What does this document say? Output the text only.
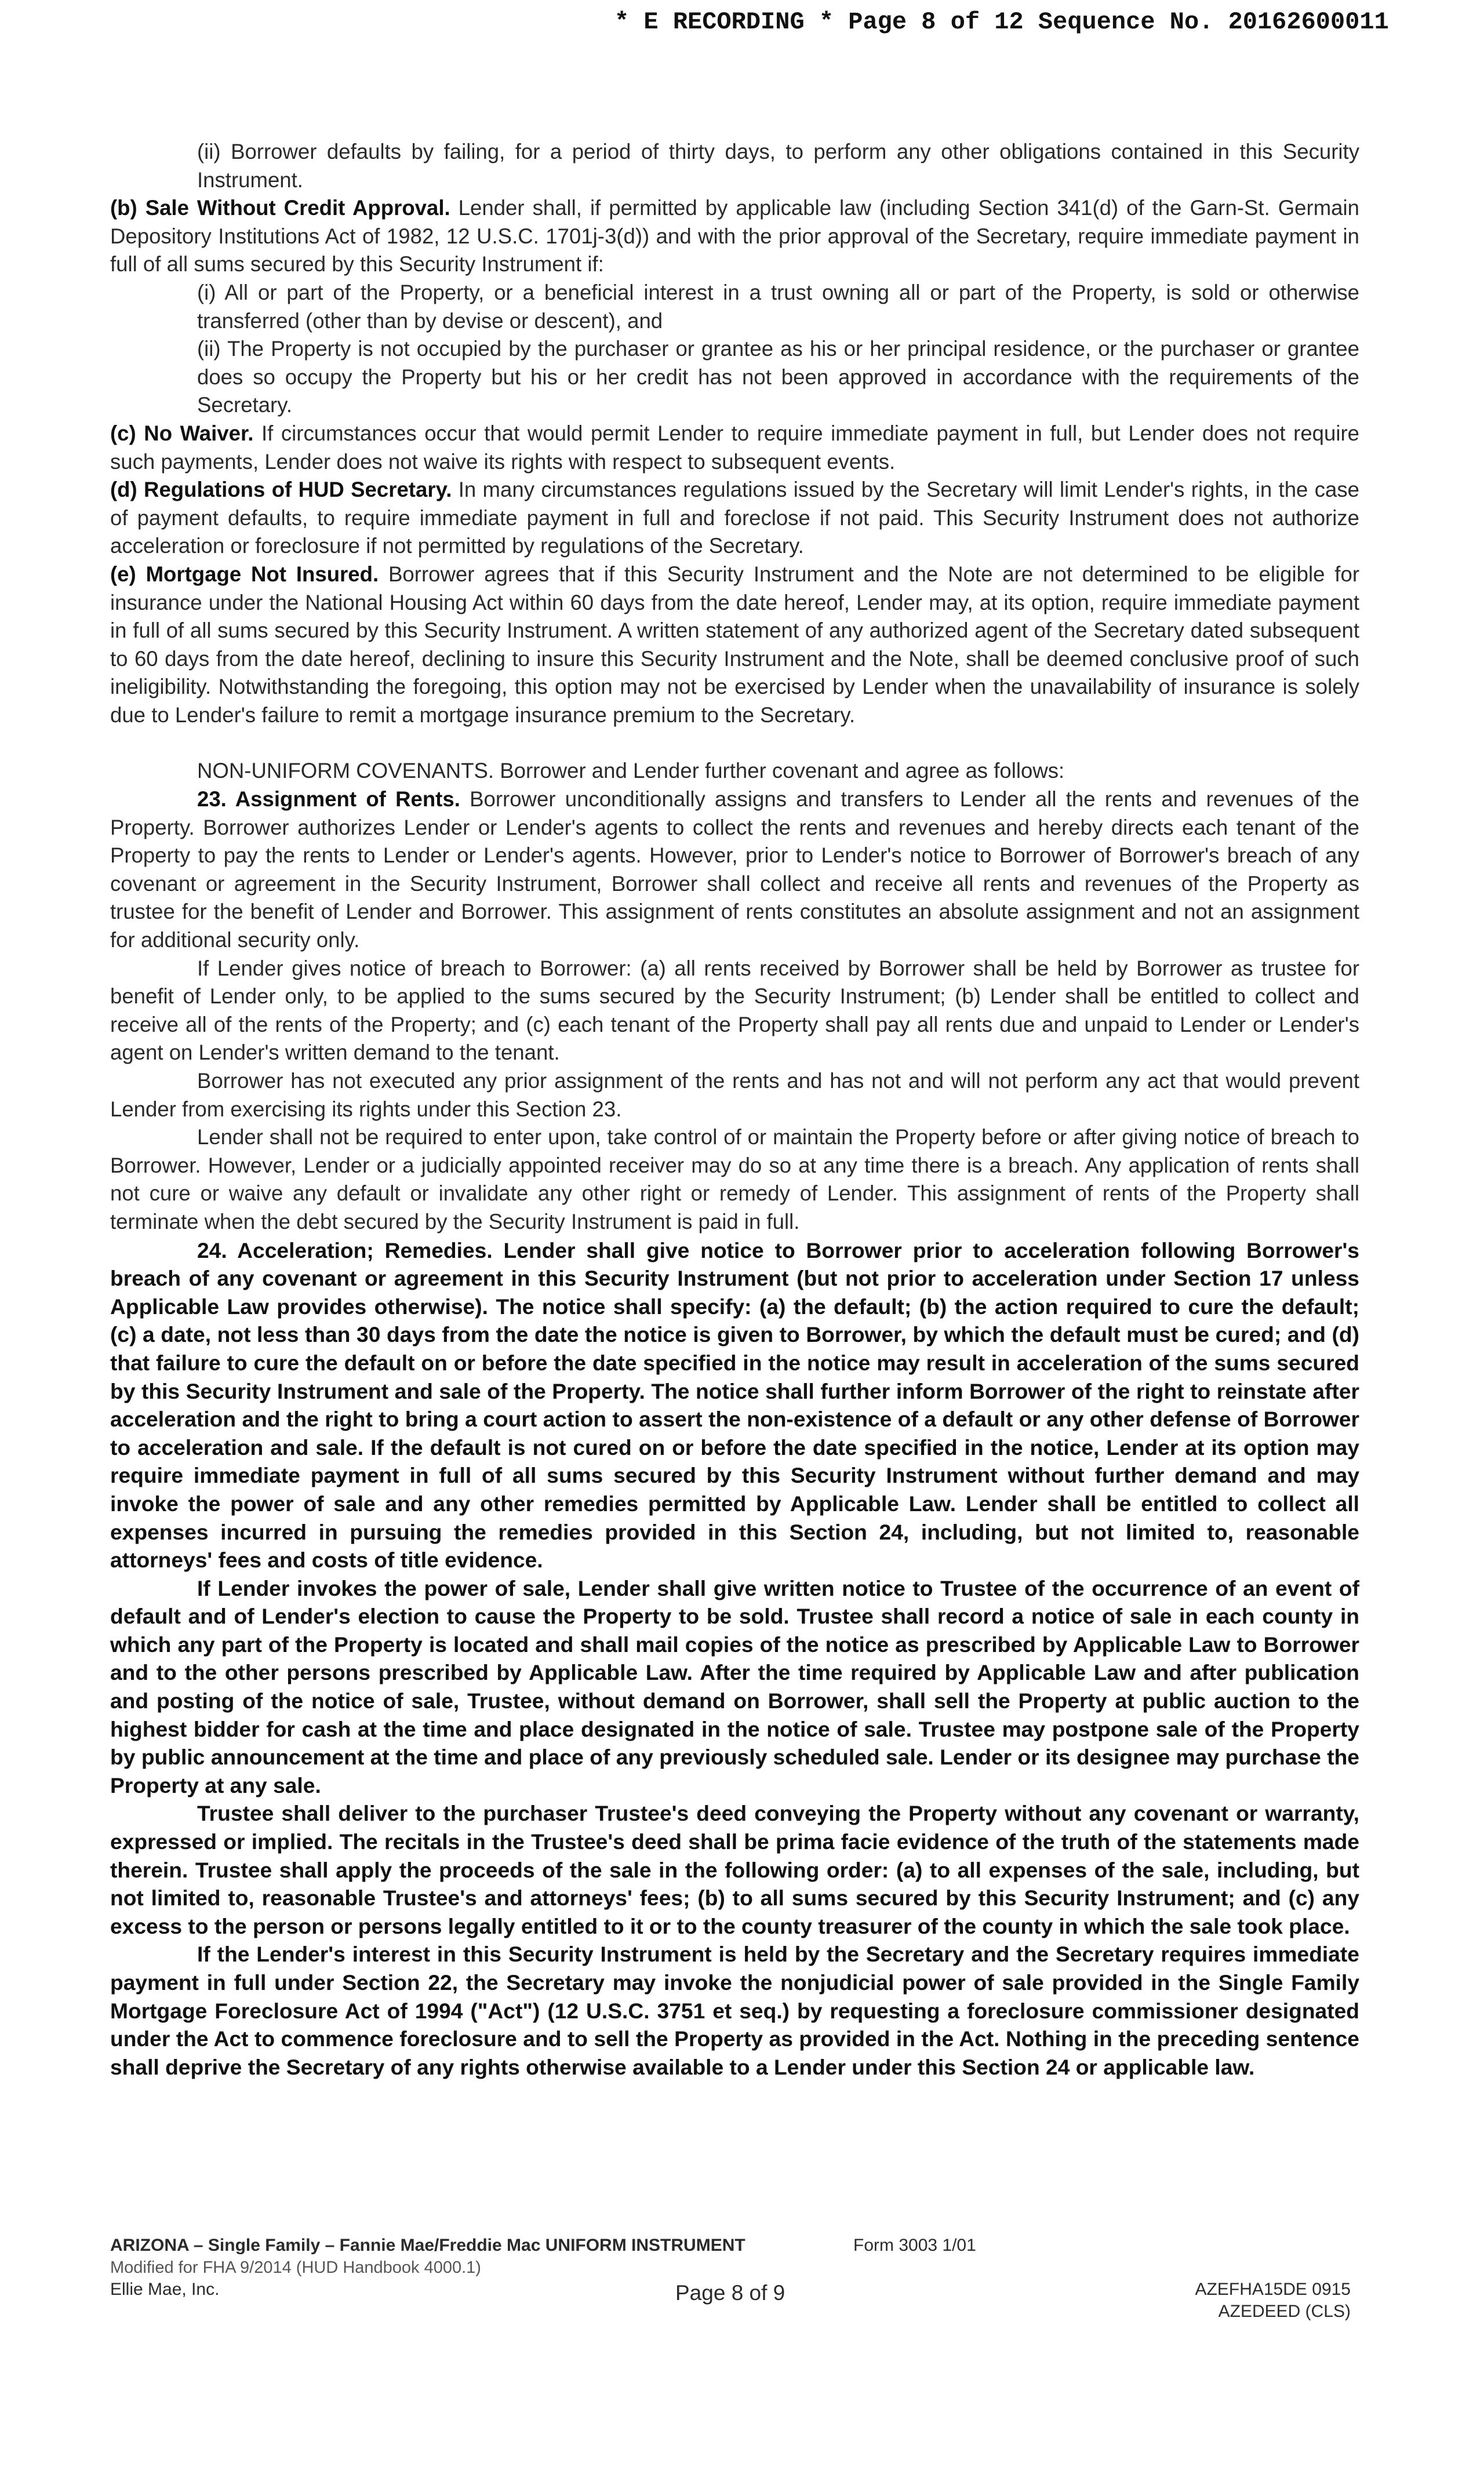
* E RECORDING * Page 8 of 12 Sequence No. 20162600011

(ii) Borrower defaults by failing, for a period of thirty days, to perform any other obligations contained in this Security Instrument.

(b) Sale Without Credit Approval. Lender shall, if permitted by applicable law (including Section 341(d) of the Garn-St. Germain Depository Institutions Act of 1982, 12 U.S.C. 1701j-3(d)) and with the prior approval of the Secretary, require immediate payment in full of all sums secured by this Security Instrument if:

(i) All or part of the Property, or a beneficial interest in a trust owning all or part of the Property, is sold or otherwise transferred (other than by devise or descent), and

(ii) The Property is not occupied by the purchaser or grantee as his or her principal residence, or the purchaser or grantee does so occupy the Property but his or her credit has not been approved in accordance with the requirements of the Secretary.

(c) No Waiver. If circumstances occur that would permit Lender to require immediate payment in full, but Lender does not require such payments, Lender does not waive its rights with respect to subsequent events.

(d) Regulations of HUD Secretary. In many circumstances regulations issued by the Secretary will limit Lender's rights, in the case of payment defaults, to require immediate payment in full and foreclose if not paid. This Security Instrument does not authorize acceleration or foreclosure if not permitted by regulations of the Secretary.

(e) Mortgage Not Insured. Borrower agrees that if this Security Instrument and the Note are not determined to be eligible for insurance under the National Housing Act within 60 days from the date hereof, Lender may, at its option, require immediate payment in full of all sums secured by this Security Instrument. A written statement of any authorized agent of the Secretary dated subsequent to 60 days from the date hereof, declining to insure this Security Instrument and the Note, shall be deemed conclusive proof of such ineligibility. Notwithstanding the foregoing, this option may not be exercised by Lender when the unavailability of insurance is solely due to Lender's failure to remit a mortgage insurance premium to the Secretary.

NON-UNIFORM COVENANTS. Borrower and Lender further covenant and agree as follows:

23. Assignment of Rents. Borrower unconditionally assigns and transfers to Lender all the rents and revenues of the Property. Borrower authorizes Lender or Lender's agents to collect the rents and revenues and hereby directs each tenant of the Property to pay the rents to Lender or Lender's agents. However, prior to Lender's notice to Borrower of Borrower's breach of any covenant or agreement in the Security Instrument, Borrower shall collect and receive all rents and revenues of the Property as trustee for the benefit of Lender and Borrower. This assignment of rents constitutes an absolute assignment and not an assignment for additional security only.

If Lender gives notice of breach to Borrower: (a) all rents received by Borrower shall be held by Borrower as trustee for benefit of Lender only, to be applied to the sums secured by the Security Instrument; (b) Lender shall be entitled to collect and receive all of the rents of the Property; and (c) each tenant of the Property shall pay all rents due and unpaid to Lender or Lender's agent on Lender's written demand to the tenant.

Borrower has not executed any prior assignment of the rents and has not and will not perform any act that would prevent Lender from exercising its rights under this Section 23.

Lender shall not be required to enter upon, take control of or maintain the Property before or after giving notice of breach to Borrower. However, Lender or a judicially appointed receiver may do so at any time there is a breach. Any application of rents shall not cure or waive any default or invalidate any other right or remedy of Lender. This assignment of rents of the Property shall terminate when the debt secured by the Security Instrument is paid in full.

24. Acceleration; Remedies. Lender shall give notice to Borrower prior to acceleration following Borrower's breach of any covenant or agreement in this Security Instrument (but not prior to acceleration under Section 17 unless Applicable Law provides otherwise). The notice shall specify: (a) the default; (b) the action required to cure the default; (c) a date, not less than 30 days from the date the notice is given to Borrower, by which the default must be cured; and (d) that failure to cure the default on or before the date specified in the notice may result in acceleration of the sums secured by this Security Instrument and sale of the Property. The notice shall further inform Borrower of the right to reinstate after acceleration and the right to bring a court action to assert the non-existence of a default or any other defense of Borrower to acceleration and sale. If the default is not cured on or before the date specified in the notice, Lender at its option may require immediate payment in full of all sums secured by this Security Instrument without further demand and may invoke the power of sale and any other remedies permitted by Applicable Law. Lender shall be entitled to collect all expenses incurred in pursuing the remedies provided in this Section 24, including, but not limited to, reasonable attorneys' fees and costs of title evidence.

If Lender invokes the power of sale, Lender shall give written notice to Trustee of the occurrence of an event of default and of Lender's election to cause the Property to be sold. Trustee shall record a notice of sale in each county in which any part of the Property is located and shall mail copies of the notice as prescribed by Applicable Law to Borrower and to the other persons prescribed by Applicable Law. After the time required by Applicable Law and after publication and posting of the notice of sale, Trustee, without demand on Borrower, shall sell the Property at public auction to the highest bidder for cash at the time and place designated in the notice of sale. Trustee may postpone sale of the Property by public announcement at the time and place of any previously scheduled sale. Lender or its designee may purchase the Property at any sale.

Trustee shall deliver to the purchaser Trustee's deed conveying the Property without any covenant or warranty, expressed or implied. The recitals in the Trustee's deed shall be prima facie evidence of the truth of the statements made therein. Trustee shall apply the proceeds of the sale in the following order: (a) to all expenses of the sale, including, but not limited to, reasonable Trustee's and attorneys' fees; (b) to all sums secured by this Security Instrument; and (c) any excess to the person or persons legally entitled to it or to the county treasurer of the county in which the sale took place.

If the Lender's interest in this Security Instrument is held by the Secretary and the Secretary requires immediate payment in full under Section 22, the Secretary may invoke the nonjudicial power of sale provided in the Single Family Mortgage Foreclosure Act of 1994 ("Act") (12 U.S.C. 3751 et seq.) by requesting a foreclosure commissioner designated under the Act to commence foreclosure and to sell the Property as provided in the Act. Nothing in the preceding sentence shall deprive the Secretary of any rights otherwise available to a Lender under this Section 24 or applicable law.

ARIZONA – Single Family – Fannie Mae/Freddie Mac UNIFORM INSTRUMENT	Form 3003 1/01
Modified for FHA 9/2014 (HUD Handbook 4000.1)
Ellie Mae, Inc.	Page 8 of 9	AZEFHA15DE 0915
AZEDEED (CLS)
